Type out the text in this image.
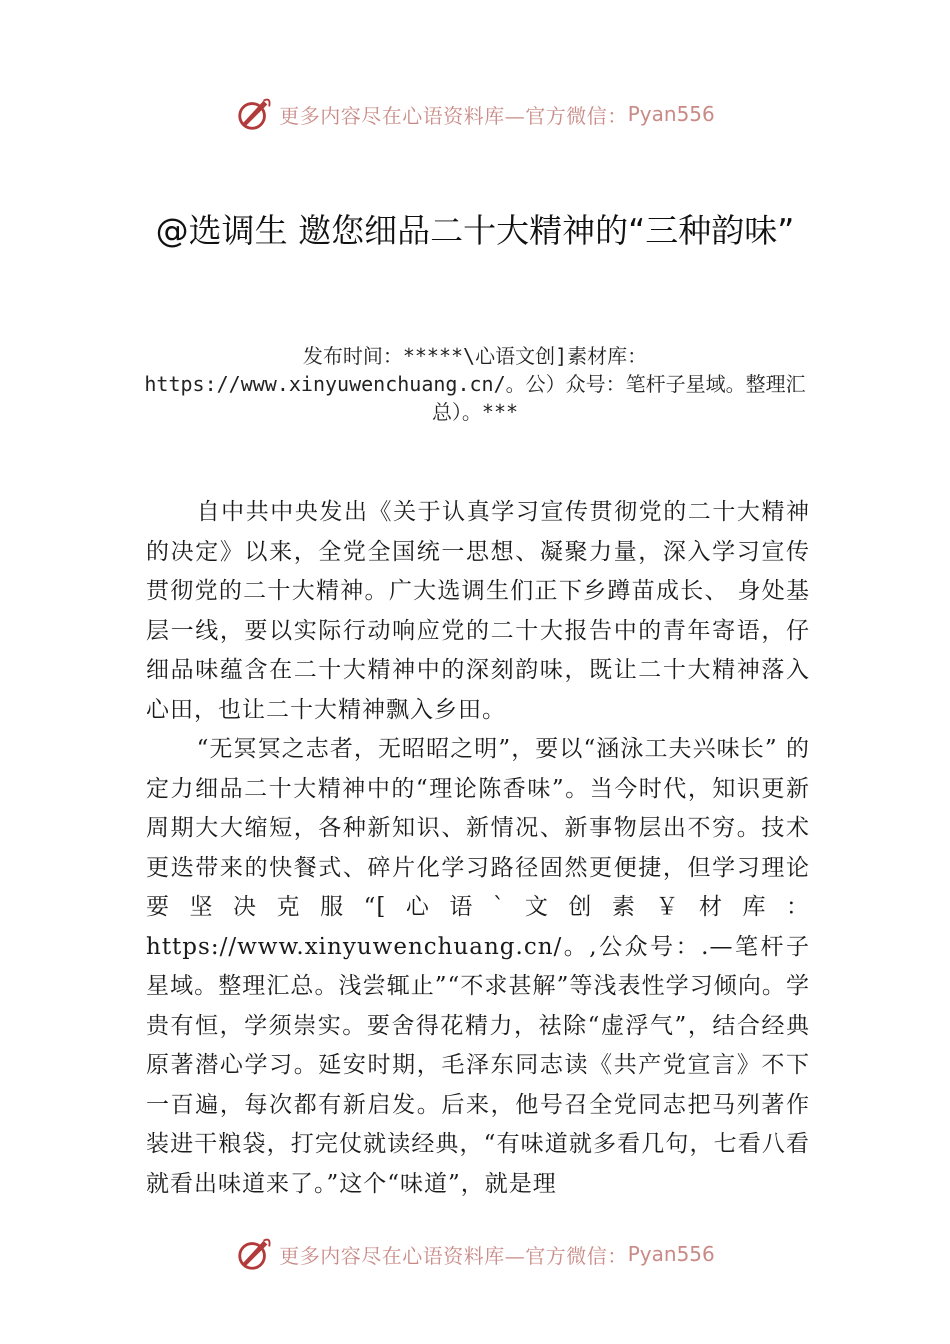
更多内容尽在心语资料库—官方微信： Pyan556
@选调生 邀您细品二十大精神的“三种韵味”
发布时间：*****\心语文创]素材库：https://www.xinyuwenchuang.cn/。公）众号：笔杆子星域。整理汇总）。***

自中共中央发出《关于认真学习宣传贯彻党的二十大精神的决定》以来，全党全国统一思想、凝聚力量，深入学习宣传贯彻党的二十大精神。广大选调生们正下乡蹲苗成长、 身处基层一线，要以实际行动响应党的二十大报告中的青年寄语，仔细品味蕴含在二十大精神中的深刻韵味，既让二十大精神落入心田，也让二十大精神飘入乡田。

“无冥冥之志者，无昭昭之明”，要以“涵泳工夫兴味长” 的定力细品二十大精神中的“理论陈香味”。当今时代，知识更新周期大大缩短，各种新知识、新情况、新事物层出不穷。技术更迭带来的快餐式、碎片化学习路径固然更便捷，但学习理论要坚决克服“[心语`文创素￥材库：https://www.xinyuwenchuang.cn/。,公众号：.—笔杆子星域。整理汇总。浅尝辄止”“不求甚解”等浅表性学习倾向。学贵有恒，学须崇实。要舍得花精力，祛除“虚浮气”，结合经典原著潜心学习。延安时期，毛泽东同志读《共产党宣言》不下一百遍，每次都有新启发。后来，他号召全党同志把马列著作装进干粮袋，打完仗就读经典，“有味道就多看几句，七看八看就看出味道来了。”这个“味道”，就是理

更多内容尽在心语资料库—官方微信： Pyan556
